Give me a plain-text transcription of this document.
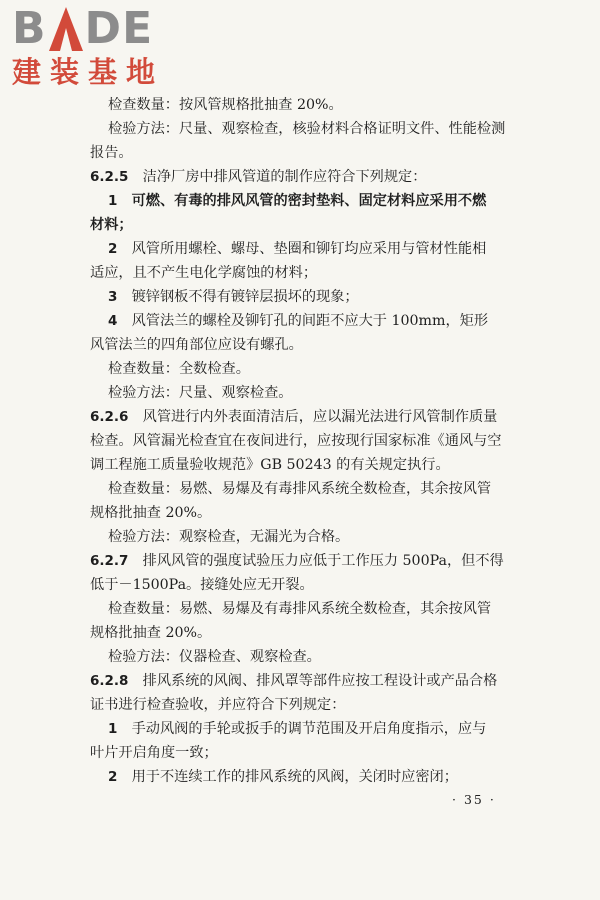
B DE
建装基地
检查数量：按风管规格批抽查 20%。
检验方法：尺量、观察检查，核验材料合格证明文件、性能检测
报告。
6.2.5  洁净厂房中排风管道的制作应符合下列规定：
1  可燃、有毒的排风风管的密封垫料、固定材料应采用不燃
材料；
2  风管所用螺栓、螺母、垫圈和铆钉均应采用与管材性能相
适应，且不产生电化学腐蚀的材料；
3  镀锌钢板不得有镀锌层损坏的现象；
4  风管法兰的螺栓及铆钉孔的间距不应大于 100mm，矩形
风管法兰的四角部位应设有螺孔。
检查数量：全数检查。
检验方法：尺量、观察检查。
6.2.6  风管进行内外表面清洁后，应以漏光法进行风管制作质量
检查。风管漏光检查宜在夜间进行，应按现行国家标准《通风与空
调工程施工质量验收规范》GB 50243 的有关规定执行。
检查数量：易燃、易爆及有毒排风系统全数检查，其余按风管
规格批抽查 20%。
检验方法：观察检查，无漏光为合格。
6.2.7  排风风管的强度试验压力应低于工作压力 500Pa，但不得
低于－1500Pa。接缝处应无开裂。
检查数量：易燃、易爆及有毒排风系统全数检查，其余按风管
规格批抽查 20%。
检验方法：仪器检查、观察检查。
6.2.8  排风系统的风阀、排风罩等部件应按工程设计或产品合格
证书进行检查验收，并应符合下列规定：
1  手动风阀的手轮或扳手的调节范围及开启角度指示，应与
叶片开启角度一致；
2  用于不连续工作的排风系统的风阀，关闭时应密闭；
· 35 ·
